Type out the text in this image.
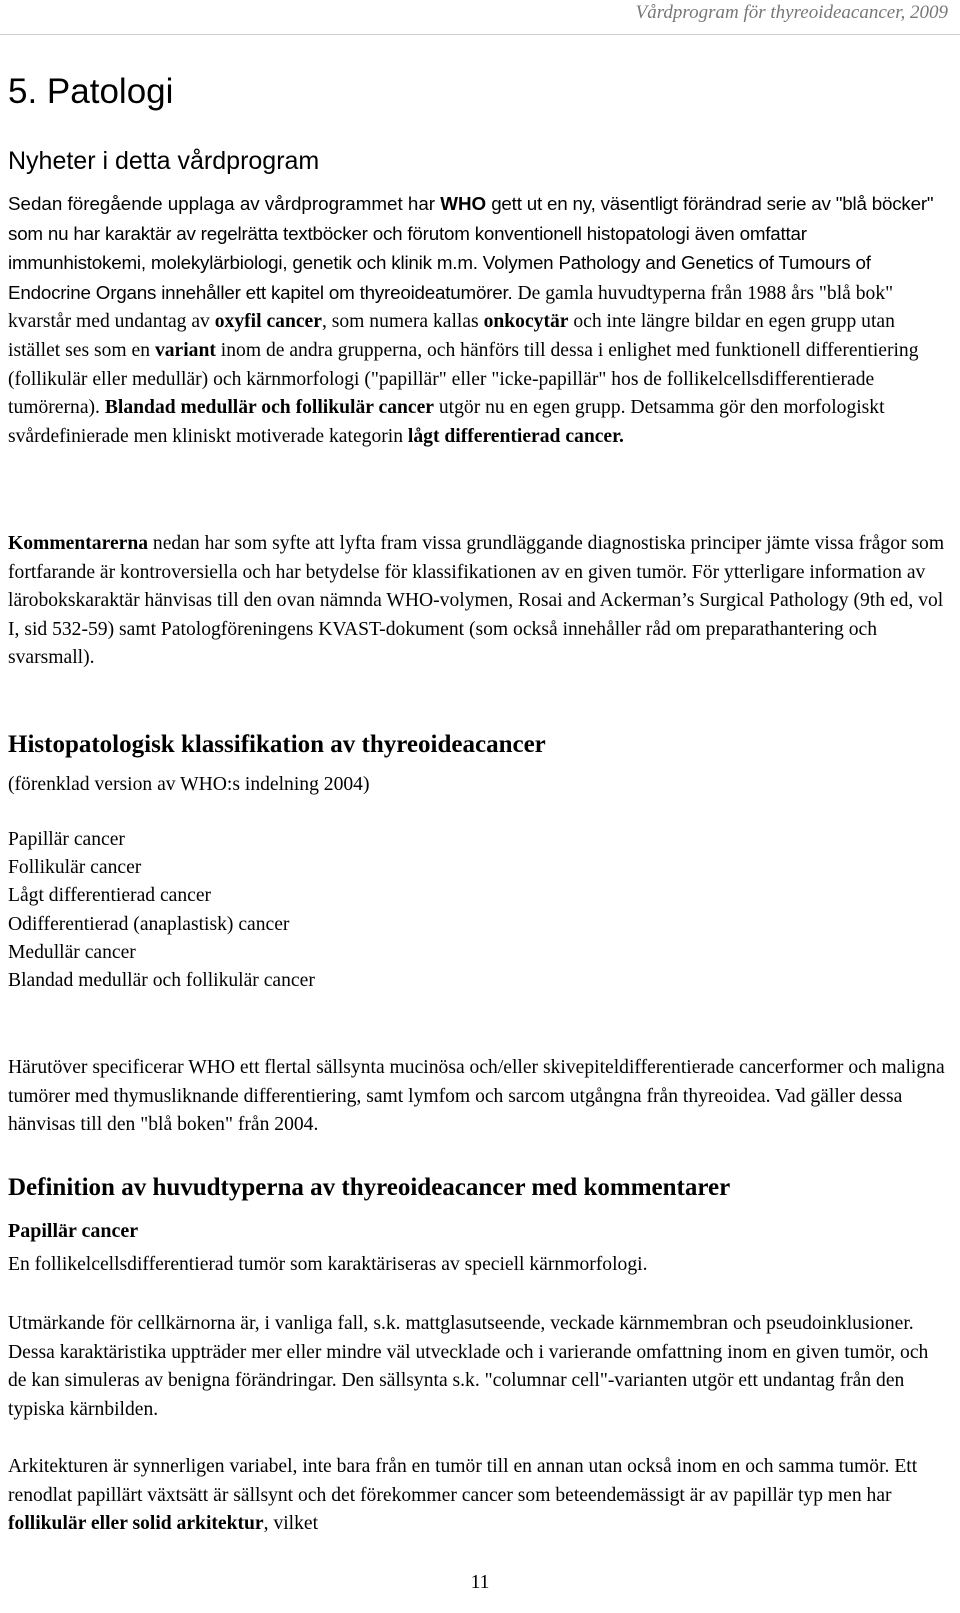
Vårdprogram för thyreoideacancer, 2009
5. Patologi
Nyheter i detta vårdprogram

Sedan föregående upplaga av vårdprogrammet har WHO gett ut en ny, väsentligt förändrad serie av "blå böcker" som nu har karaktär av regelrätta textböcker och förutom konventionell histopatologi även omfattar immunhistokemi, molekylärbiologi, genetik och klinik m.m. Volymen Pathology and Genetics of Tumours of Endocrine Organs innehåller ett kapitel om thyreoideatumörer. De gamla huvudtyperna från 1988 års "blå bok" kvarstår med undantag av oxyfil cancer, som numera kallas onkocytär och inte längre bildar en egen grupp utan istället ses som en variant inom de andra grupperna, och hänförs till dessa i enlighet med funktionell differentiering (follikulär eller medullär) och kärnmorfologi ("papillär" eller "icke-papillär" hos de follikelcellsdifferentierade tumörerna). Blandad medullär och follikulär cancer utgör nu en egen grupp. Detsamma gör den morfologiskt svårdefinierade men kliniskt motiverade kategorin lågt differentierad cancer.

Kommentarerna nedan har som syfte att lyfta fram vissa grundläggande diagnostiska principer jämte vissa frågor som fortfarande är kontroversiella och har betydelse för klassifikationen av en given tumör. För ytterligare information av lärobokskaraktär hänvisas till den ovan nämnda WHO-volymen, Rosai and Ackerman’s Surgical Pathology (9th ed, vol I, sid 532-59) samt Patologföreningens KVAST-dokument (som också innehåller råd om preparathantering och svarsmall).

Histopatologisk klassifikation av thyreoideacancer

(förenklad version av WHO:s indelning 2004)

Papillär cancer
Follikulär cancer
Lågt differentierad cancer
Odifferentierad (anaplastisk) cancer
Medullär cancer
Blandad medullär och follikulär cancer

Härutöver specificerar WHO ett flertal sällsynta mucinösa och/eller skivepiteldifferentierade cancerformer och maligna tumörer med thymusliknande differentiering, samt lymfom och sarcom utgångna från thyreoidea. Vad gäller dessa hänvisas till den "blå boken" från 2004.

Definition av huvudtyperna av thyreoideacancer med kommentarer
Papillär cancer

En follikelcellsdifferentierad tumör som karaktäriseras av speciell kärnmorfologi.

Utmärkande för cellkärnorna är, i vanliga fall, s.k. mattglasutseende, veckade kärnmembran och pseudoinklusioner. Dessa karaktäristika uppträder mer eller mindre väl utvecklade och i varierande omfattning inom en given tumör, och de kan simuleras av benigna förändringar. Den sällsynta s.k. "columnar cell"-varianten utgör ett undantag från den typiska kärnbilden.

Arkitekturen är synnerligen variabel, inte bara från en tumör till en annan utan också inom en och samma tumör. Ett renodlat papillärt växtsätt är sällsynt och det förekommer cancer som beteendemässigt är av papillär typ men har follikulär eller solid arkitektur, vilket

11
